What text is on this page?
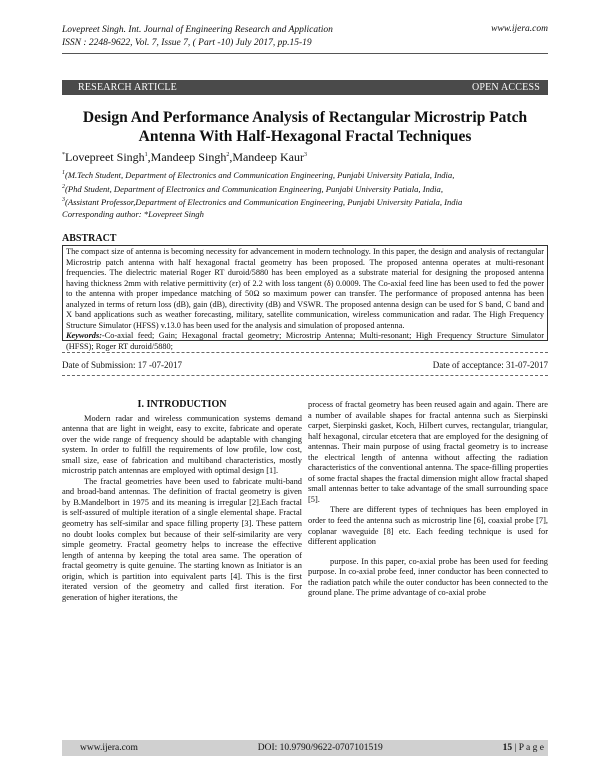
Lovepreet Singh. Int. Journal of Engineering Research and Application
ISSN : 2248-9622, Vol. 7, Issue 7, ( Part -10) July 2017, pp.15-19
www.ijera.com
RESEARCH ARTICLE	OPEN ACCESS
Design And Performance Analysis of Rectangular Microstrip Patch Antenna With Half-Hexagonal Fractal Techniques
*Lovepreet Singh$^1$,Mandeep Singh$^2$,Mandeep Kaur$^3$
$^1$(M.Tech Student, Department of Electronics and Communication Engineering, Punjabi University Patiala, India,
$^2$(Phd Student, Department of Electronics and Communication Engineering, Punjabi University Patiala, India,
$^3$(Assistant Professor,Department of Electronics and Communication Engineering, Punjabi University Patiala, India
Corresponding author: *Lovepreet Singh
ABSTRACT
The compact size of antenna is becoming necessity for advancement in modern technology. In this paper, the design and analysis of rectangular Microstrip patch antenna with half hexagonal fractal geometry has been proposed. The proposed antenna operates at multi-resonant frequencies. The dielectric material Roger RT duroid/5880 has been employed as a substrate material for designing the proposed antenna having thickness 2mm with relative permittivity (εr) of 2.2 with loss tangent (δ) 0.0009. The Co-axial feed line has been used to fed the power to the antenna with proper impedance matching of 50Ω so maximum power can transfer. The performance of proposed antenna has been analyzed in terms of return loss (dB), gain (dB), directivity (dB) and VSWR. The proposed antenna design can be used for S band, C band and X band applications such as weather forecasting, military, satellite communication, wireless communication and radar. The High Frequency Structure Simulator (HFSS) v.13.0 has been used for the analysis and simulation of proposed antenna.
Keywords:-Co-axial feed; Gain; Hexagonal fractal geometry; Microstrip Antenna; Multi-resonant; High Frequency Structure Simulator (HFSS); Roger RT duroid/5880;
Date of Submission: 17 -07-2017	Date of acceptance: 31-07-2017
I. INTRODUCTION

Modern radar and wireless communication systems demand antenna that are light in weight, easy to excite, fabricate and operate over the wide range of frequency should be adaptable with changing system. In order to fulfill the requirements of low profile, low cost, small size, ease of fabrication and multiband characteristics, mostly microstrip patch antennas are employed with optimal design [1].

The fractal geometries have been used to fabricate multi-band and broad-band antennas. The definition of fractal geometry is given by B.Mandelbort in 1975 and its meaning is irregular [2].Each fractal is self-assured of multiple iteration of a single elemental shape. Fractal geometry has self-similar and space filling property [3]. These pattern no doubt looks complex but because of their self-similarity are very simple geometry. Fractal geometry helps to increase the effective length of antenna by keeping the total area same. The operation of fractal geometry is quite genuine. The starting known as Initiator is an origin, which is partition into equivalent parts [4]. This is the first iterated version of the geometry and called first iteration. For generation of higher iterations, the

process of fractal geometry has been reused again and again. There are a number of available shapes for fractal antenna such as Sierpinski carpet, Sierpinski gasket, Koch, Hilbert curves, rectangular, triangular, half hexagonal, circular etcetera that are employed for the designing of antennas. Their main purpose of using fractal geometry is to increase the electrical length of antenna without affecting the radiation characteristics of the conventional antenna. The space-filling properties of some fractal shapes the fractal dimension might allow fractal shaped small antennas better to take advantage of the small surrounding space [5].

There are different types of techniques has been employed in order to feed the antenna such as microstrip line [6], coaxial probe [7], coplanar waveguide [8] etc. Each feeding technique is used for different application

purpose. In this paper, co-axial probe has been used for feeding purpose. In co-axial probe feed, inner conductor has been connected to the radiation patch while the outer conductor has been connected to the ground plane. The prime advantage of co-axial probe

www.ijera.com	DOI: 10.9790/9622-0707101519	15 | P a g e
